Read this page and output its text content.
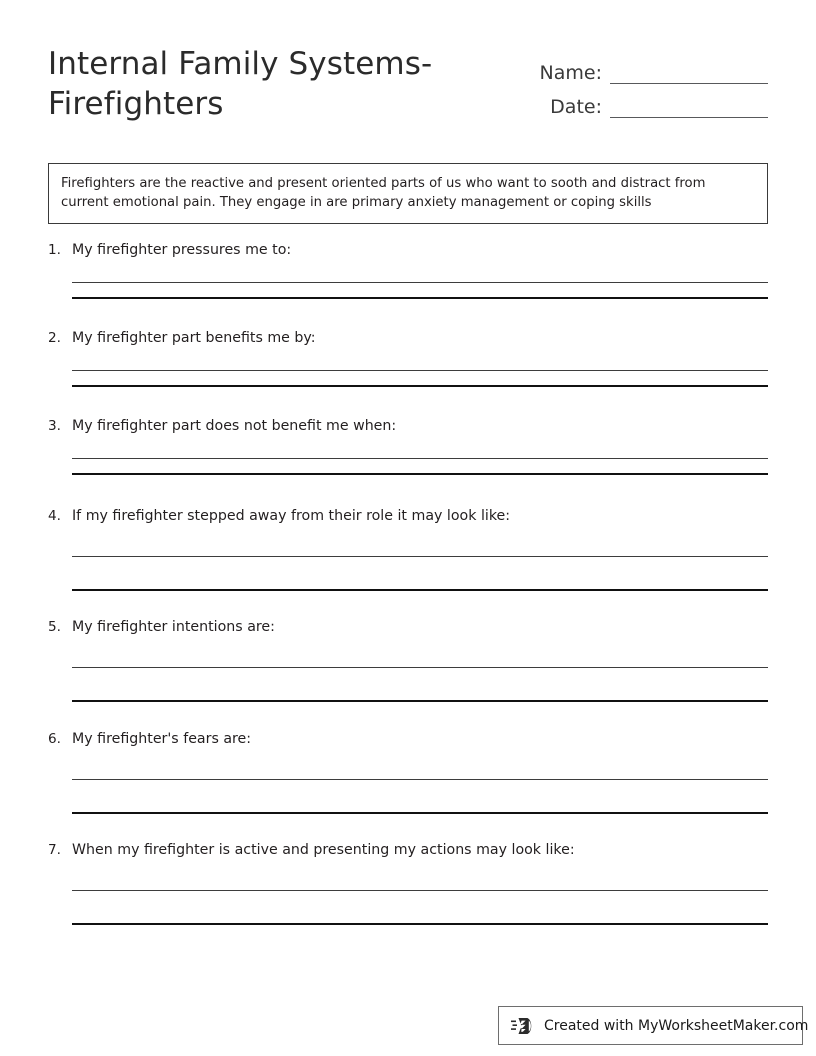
Internal Family Systems-
Firefighters
Name:
Date:
Firefighters are the reactive and present oriented parts of us who want to sooth and distract from current emotional pain. They engage in are primary anxiety management or coping skills
1. My firefighter pressures me to:
2. My firefighter part benefits me by:
3. My firefighter part does not benefit me when:
4. If my firefighter stepped away from their role it may look like:
5. My firefighter intentions are:
6. My firefighter's fears are:
7. When my firefighter is active and presenting my actions may look like:
Created with MyWorksheetMaker.com
